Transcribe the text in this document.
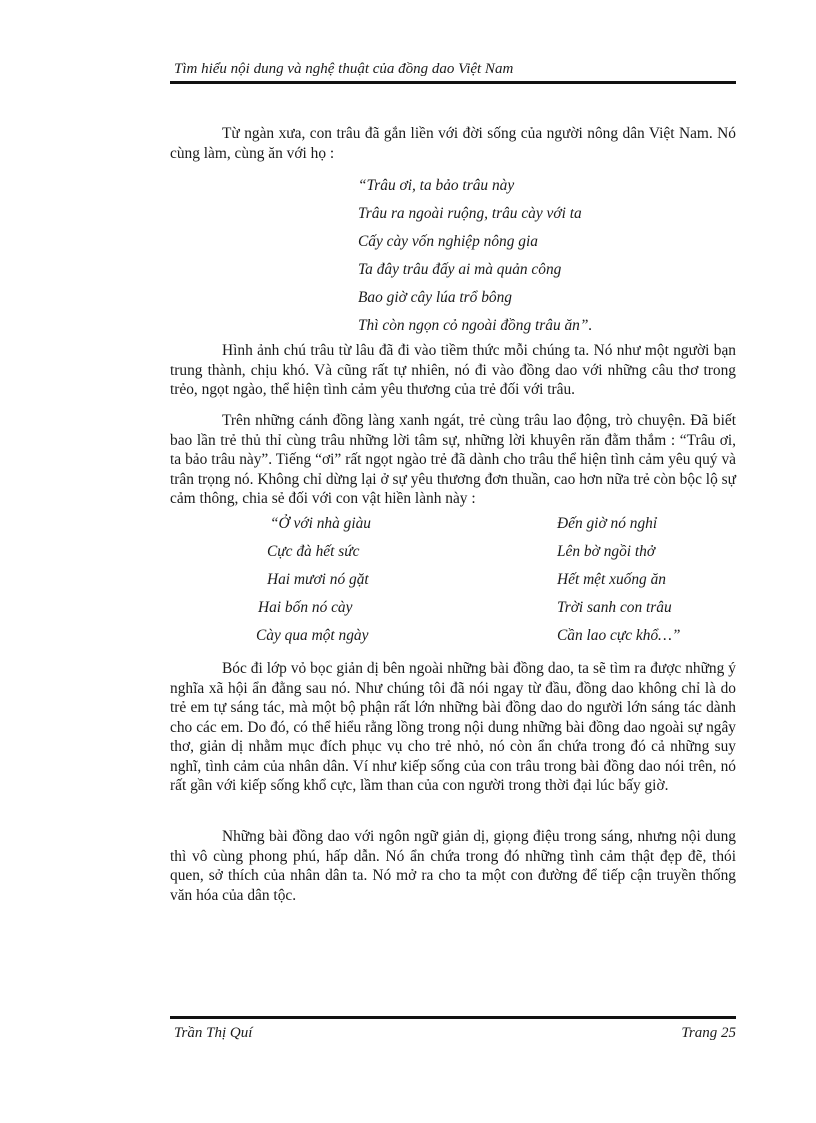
Tìm hiểu nội dung và nghệ thuật của đồng dao Việt Nam

Từ ngàn xưa, con trâu đã gắn liền với đời sống của người nông dân Việt Nam. Nó cùng làm, cùng ăn với họ :

“Trâu ơi, ta bảo trâu này
Trâu ra ngoài ruộng, trâu cày với ta
Cấy cày vốn nghiệp nông gia
Ta đây trâu đấy ai mà quản công
Bao giờ cây lúa trổ bông
Thì còn ngọn cỏ ngoài đồng trâu ăn”.

Hình ảnh chú trâu từ lâu đã đi vào tiềm thức mỗi chúng ta. Nó như một người bạn trung thành, chịu khó. Và cũng rất tự nhiên, nó đi vào đồng dao với những câu thơ trong trẻo, ngọt ngào, thể hiện tình cảm yêu thương của trẻ đối với trâu.

Trên những cánh đồng làng xanh ngát, trẻ cùng trâu lao động, trò chuyện. Đã biết bao lần trẻ thủ thỉ cùng trâu những lời tâm sự, những lời khuyên răn đằm thắm : “Trâu ơi, ta bảo trâu này”. Tiếng “ơi” rất ngọt ngào trẻ đã dành cho trâu thể hiện tình cảm yêu quý và trân trọng nó. Không chỉ dừng lại ở sự yêu thương đơn thuần, cao hơn nữa trẻ còn bộc lộ sự cảm thông, chia sẻ đối với con vật hiền lành này :

“Ở với nhà giàu
Cực đà hết sức
Hai mươi nó gặt
Hai bốn nó cày
Cày qua một ngày
Đến giờ nó nghỉ
Lên bờ ngồi thở
Hết mệt xuống ăn
Trời sanh con trâu
Cần lao cực khổ…”

Bóc đi lớp vỏ bọc giản dị bên ngoài những bài đồng dao, ta sẽ tìm ra được những ý nghĩa xã hội ẩn đằng sau nó. Như chúng tôi đã nói ngay từ đầu, đồng dao không chỉ là do trẻ em tự sáng tác, mà một bộ phận rất lớn những bài đồng dao do người lớn sáng tác dành cho các em. Do đó, có thể hiểu rằng lồng trong nội dung những bài đồng dao ngoài sự ngây thơ, giản dị nhằm mục đích phục vụ cho trẻ nhỏ, nó còn ẩn chứa trong đó cả những suy nghĩ, tình cảm của nhân dân. Ví như kiếp sống của con trâu trong bài đồng dao nói trên, nó rất gần với kiếp sống khổ cực, lầm than của con người trong thời đại lúc bấy giờ.

Những bài đồng dao với ngôn ngữ giản dị, giọng điệu trong sáng, nhưng nội dung thì vô cùng phong phú, hấp dẫn. Nó ẩn chứa trong đó những tình cảm thật đẹp đẽ, thói quen, sở thích của nhân dân ta. Nó mở ra cho ta một con đường để tiếp cận truyền thống văn hóa của dân tộc.

Trần Thị Quí	Trang 25
